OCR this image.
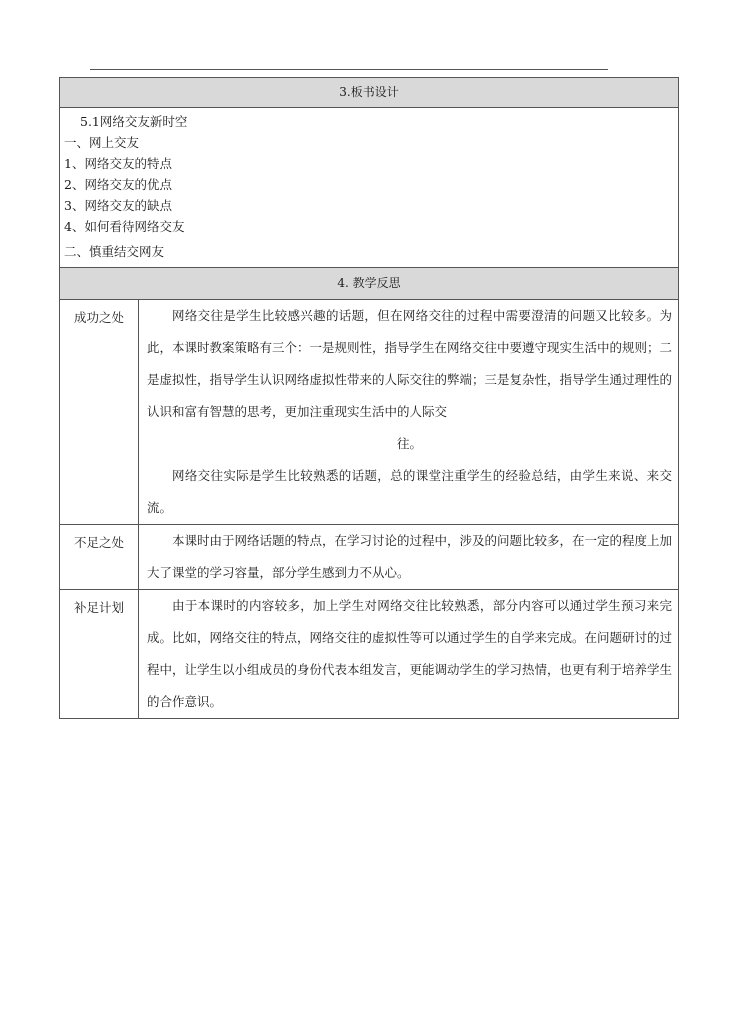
3.板书设计

5.1网络交友新时空
一、网上交友
1、网络交友的特点
2、网络交友的优点
3、网络交友的缺点
4、如何看待网络交友
二、慎重结交网友
4. 教学反思	
成功之处	网络交往是学生比较感兴趣的话题，但在网络交往的过程中需要澄清的问题又比较多。为此，本课时教案策略有三个：一是规则性，指导学生在网络交往中要遵守现实生活中的规则；二是虚拟性，指导学生认识网络虚拟性带来的人际交往的弊端；三是复杂性，指导学生通过理性的认识和富有智慧的思考，更加注重现实生活中的人际交

往。

网络交往实际是学生比较熟悉的话题，总的课堂注重学生的经验总结，由学生来说、来交流。

不足之处	本课时由于网络话题的特点，在学习讨论的过程中，涉及的问题比较多，在一定的程度上加大了课堂的学习容量，部分学生感到力不从心。

补足计划	由于本课时的内容较多，加上学生对网络交往比较熟悉，部分内容可以通过学生预习来完成。比如，网络交往的特点，网络交往的虚拟性等可以通过学生的自学来完成。在问题研讨的过程中，让学生以小组成员的身份代表本组发言，更能调动学生的学习热情，也更有利于培养学生的合作意识。
